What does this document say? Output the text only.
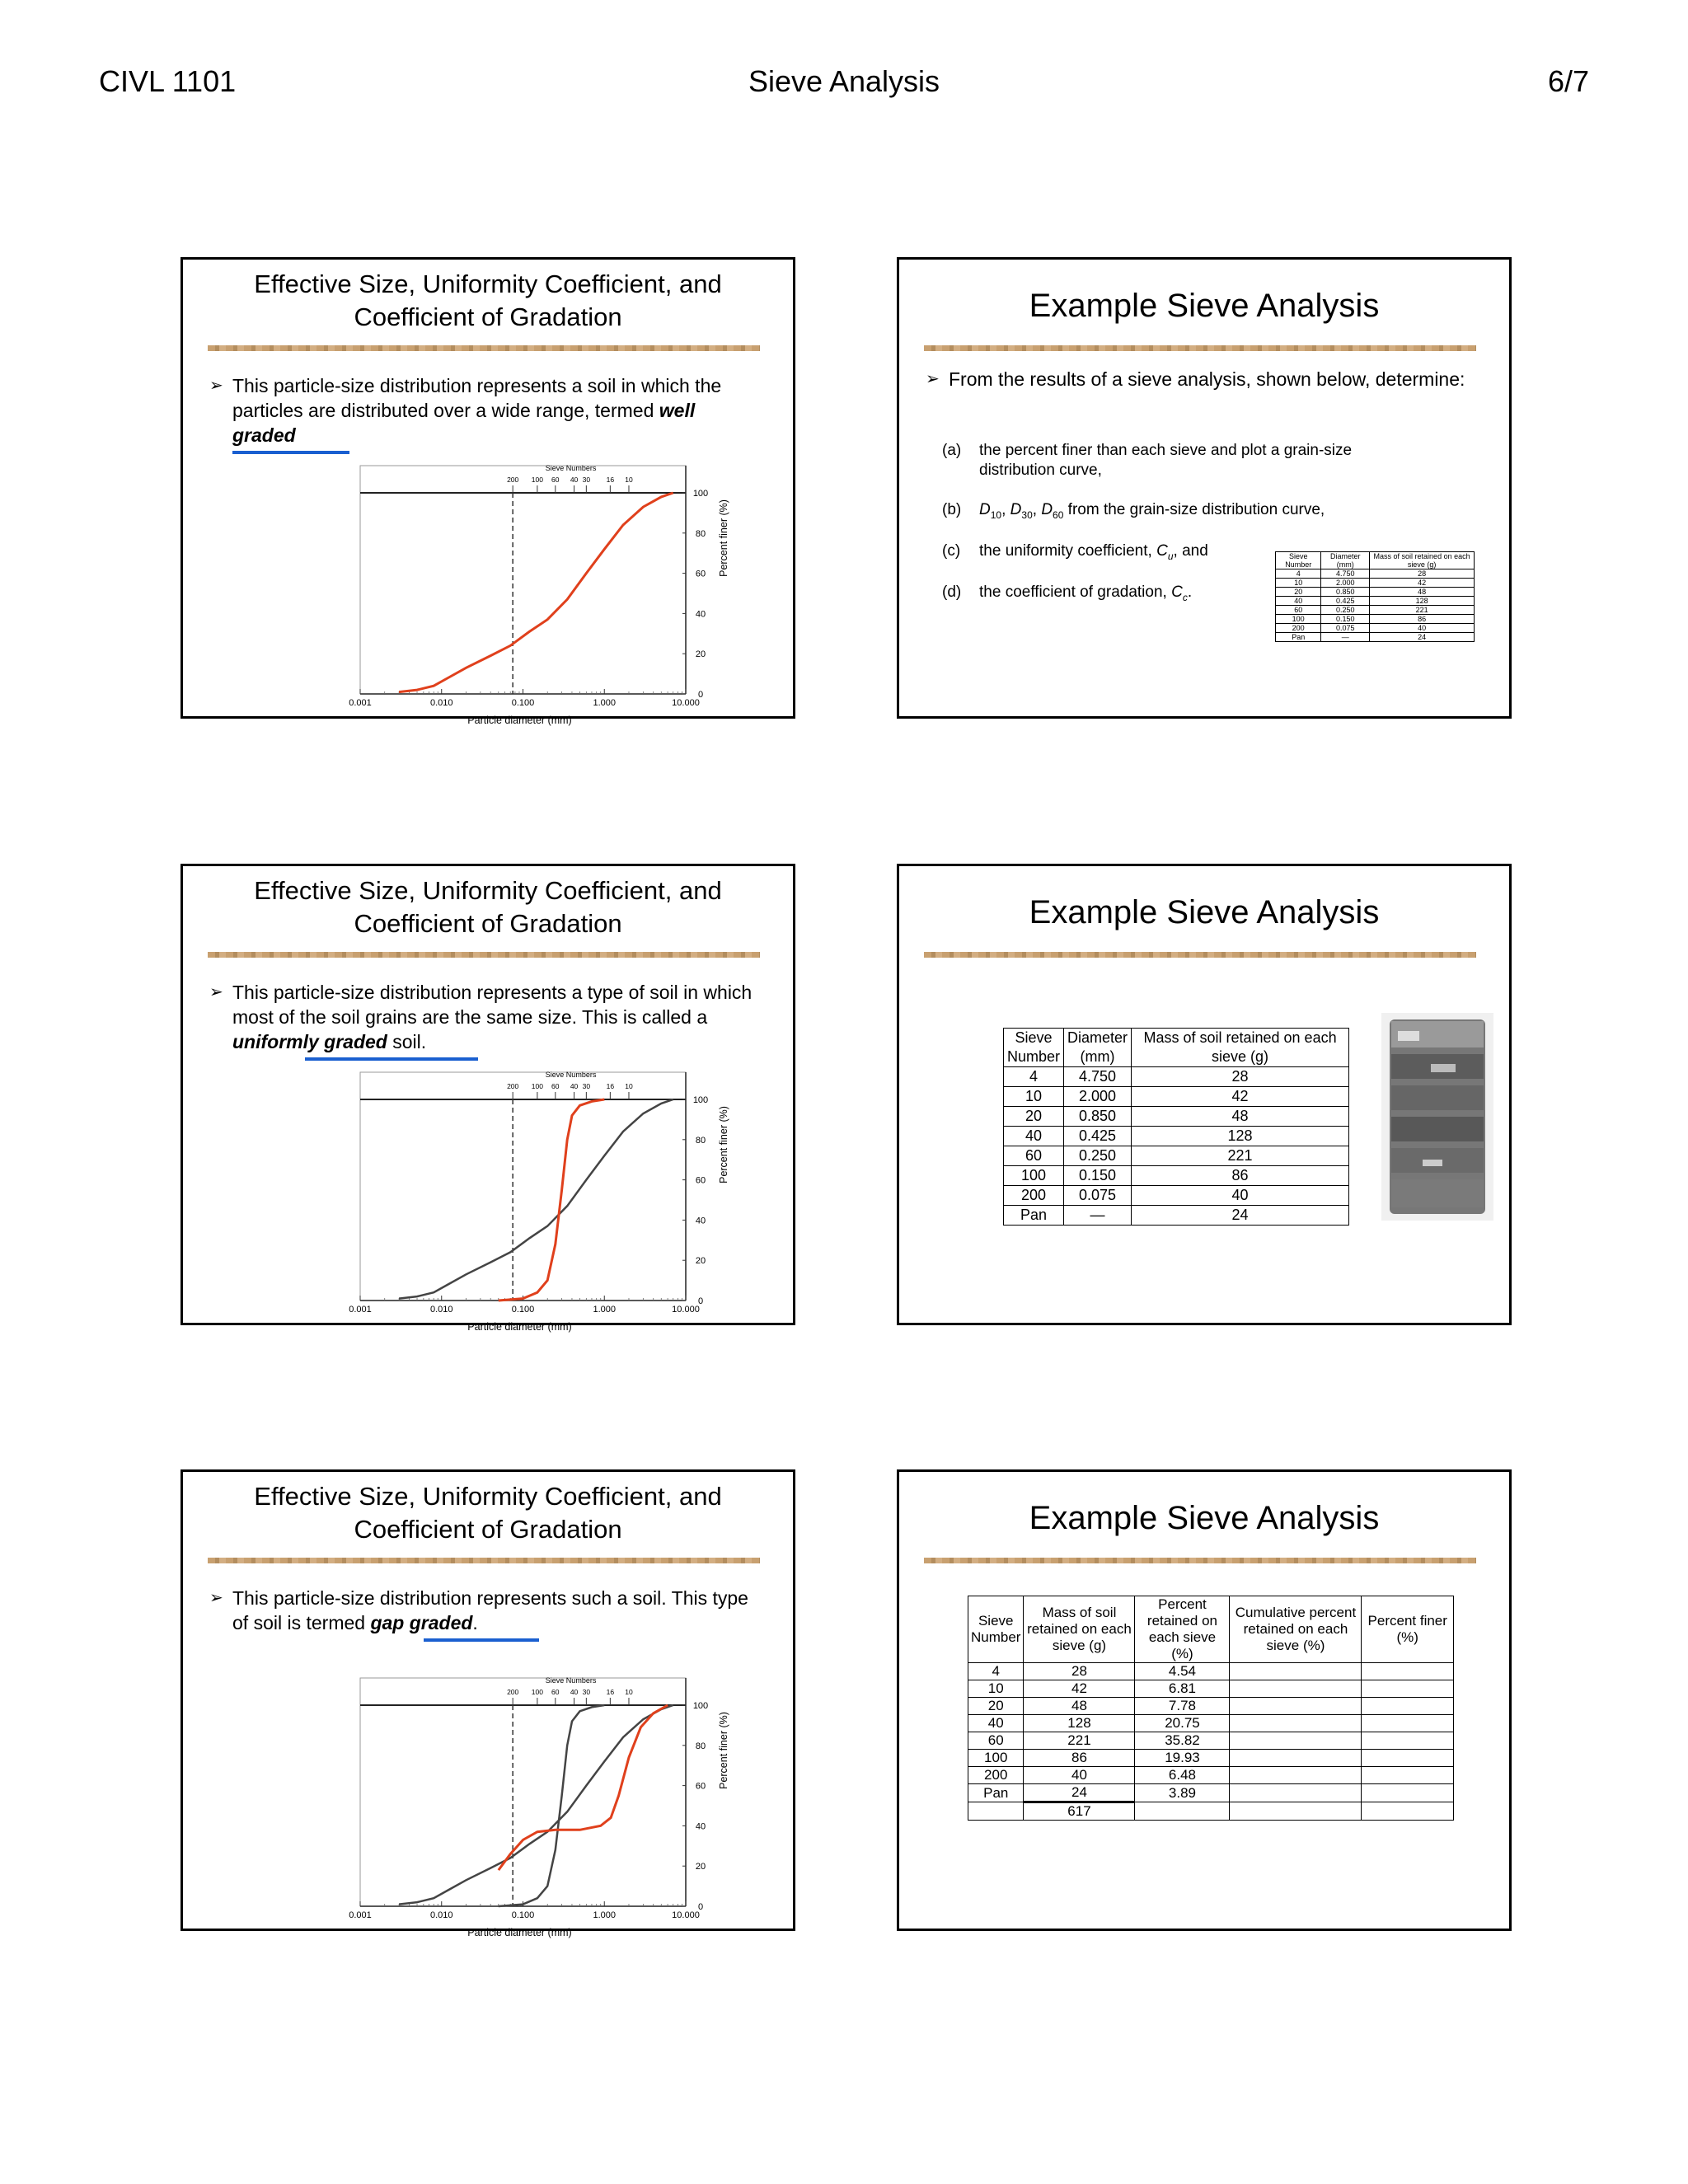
CIVL 1101	Sieve Analysis	6/7
Effective Size, Uniformity Coefficient, and
Coefficient of Gradation
➢ This particle-size distribution represents a soil in which the particles are distributed over a wide range, termed well graded
Sieve Numbers
200 100 60 40 30 16 10
0.001	0.010	0.100	1.000	10.000
0
20
40
60
80
100
Percent finer (%)
Particle diameter (mm)
Example Sieve Analysis
➢ From the results of a sieve analysis, shown below, determine:
(a) the percent finer than each sieve and plot a grain-size distribution curve,
(b) $D_{10}$, $D_{30}$, $D_{60}$ from the grain-size distribution curve,
(c) the uniformity coefficient, $C_u$, and
(d) the coefficient of gradation, $C_c$.
Sieve Number	Diameter (mm)	Mass of soil retained on each sieve (g)
4	4.750	28
10	2.000	42
20	0.850	48
40	0.425	128
60	0.250	221
100	0.150	86
200	0.075	40
Pan	—	24
Effective Size, Uniformity Coefficient, and
Coefficient of Gradation
➢ This particle-size distribution represents a type of soil in which most of the soil grains are the same size. This is called a uniformly graded soil.
Sieve Numbers
200 100 60 40 30 16 10
0.001	0.010	0.100	1.000	10.000
0
20
40
60
80
100
Percent finer (%)
Particle diameter (mm)
Example Sieve Analysis
Sieve Number	Diameter (mm)	Mass of soil retained on each sieve (g)
4	4.750	28
10	2.000	42
20	0.850	48
40	0.425	128
60	0.250	221
100	0.150	86
200	0.075	40
Pan	—	24
Effective Size, Uniformity Coefficient, and
Coefficient of Gradation
➢ This particle-size distribution represents such a soil. This type of soil is termed gap graded.
Sieve Numbers
200 100 60 40 30 16 10
0.001	0.010	0.100	1.000	10.000
0
20
40
60
80
100
Percent finer (%)
Particle diameter (mm)
Example Sieve Analysis
Sieve Number	Mass of soil retained on each sieve (g)	Percent retained on each sieve (%)	Cumulative percent retained on each sieve (%)	Percent finer (%)
4	28	4.54		
10	42	6.81		
20	48	7.78		
40	128	20.75		
60	221	35.82		
100	86	19.93		
200	40	6.48		
Pan	24	3.89		
	617			
